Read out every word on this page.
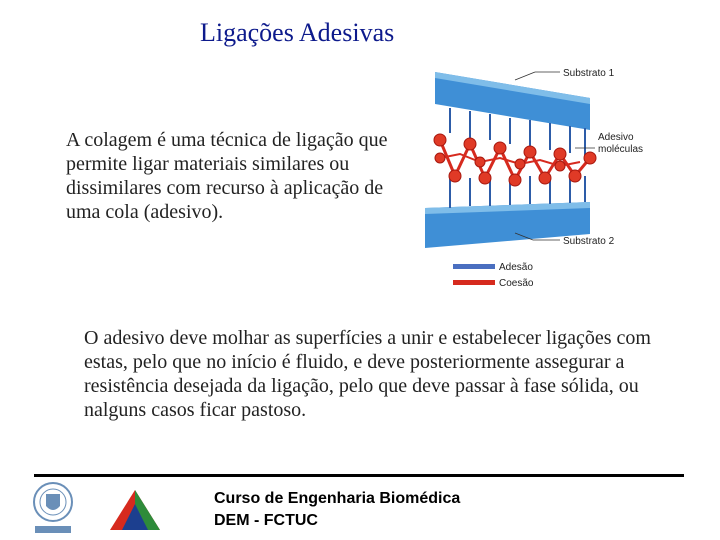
Ligações Adesivas
A colagem é uma técnica de ligação que permite ligar materiais similares ou dissimilares com recurso à aplicação de uma cola (adesivo).
Substrato 1
Adesivo
moléculas
Substrato 2
Adesão
Coesão
O adesivo deve molhar as superfícies a unir e estabelecer ligações com estas, pelo que no início é fluido, e deve posteriormente assegurar a resistência desejada da ligação, pelo que deve passar à fase sólida, ou nalguns casos ficar pastoso.
Curso de Engenharia Biomédica
DEM - FCTUC
